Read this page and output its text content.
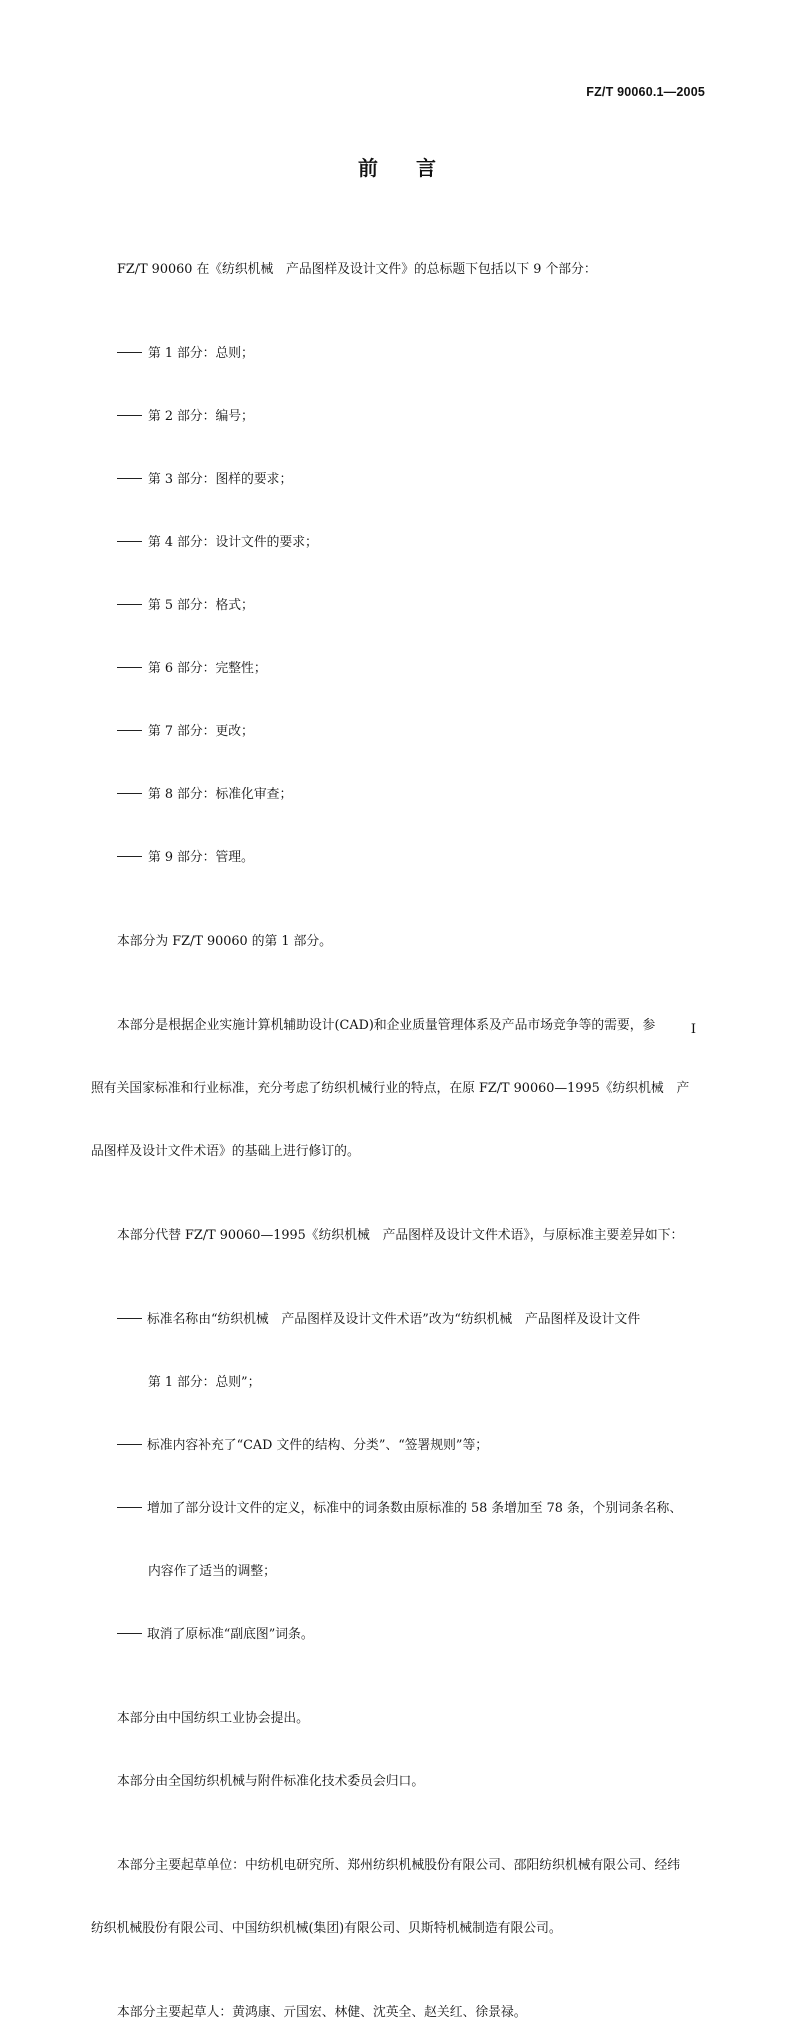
FZ/T 90060.1—2005
前 言

FZ/T 90060 在《纺织机械　产品图样及设计文件》的总标题下包括以下 9 个部分：

第 1 部分：总则；

第 2 部分：编号；

第 3 部分：图样的要求；

第 4 部分：设计文件的要求；

第 5 部分：格式；

第 6 部分：完整性；

第 7 部分：更改；

第 8 部分：标准化审查；

第 9 部分：管理。

本部分为 FZ/T 90060 的第 1 部分。

本部分是根据企业实施计算机辅助设计(CAD)和企业质量管理体系及产品市场竞争等的需要，参

照有关国家标准和行业标准，充分考虑了纺织机械行业的特点，在原 FZ/T 90060—1995《纺织机械　产

品图样及设计文件术语》的基础上进行修订的。

本部分代替 FZ/T 90060—1995《纺织机械　产品图样及设计文件术语》，与原标准主要差异如下：

标准名称由“纺织机械　产品图样及设计文件术语”改为“纺织机械　产品图样及设计文件

第 1 部分：总则”；

标准内容补充了“CAD 文件的结构、分类”、“签署规则”等；

增加了部分设计文件的定义，标准中的词条数由原标准的 58 条增加至 78 条，个别词条名称、

内容作了适当的调整；

取消了原标准“副底图”词条。

本部分由中国纺织工业协会提出。

本部分由全国纺织机械与附件标准化技术委员会归口。

本部分主要起草单位：中纺机电研究所、郑州纺织机械股份有限公司、邵阳纺织机械有限公司、经纬

纺织机械股份有限公司、中国纺织机械(集团)有限公司、贝斯特机械制造有限公司。

本部分主要起草人：黄鸿康、亓国宏、林健、沈英全、赵关红、徐景禄。

I
